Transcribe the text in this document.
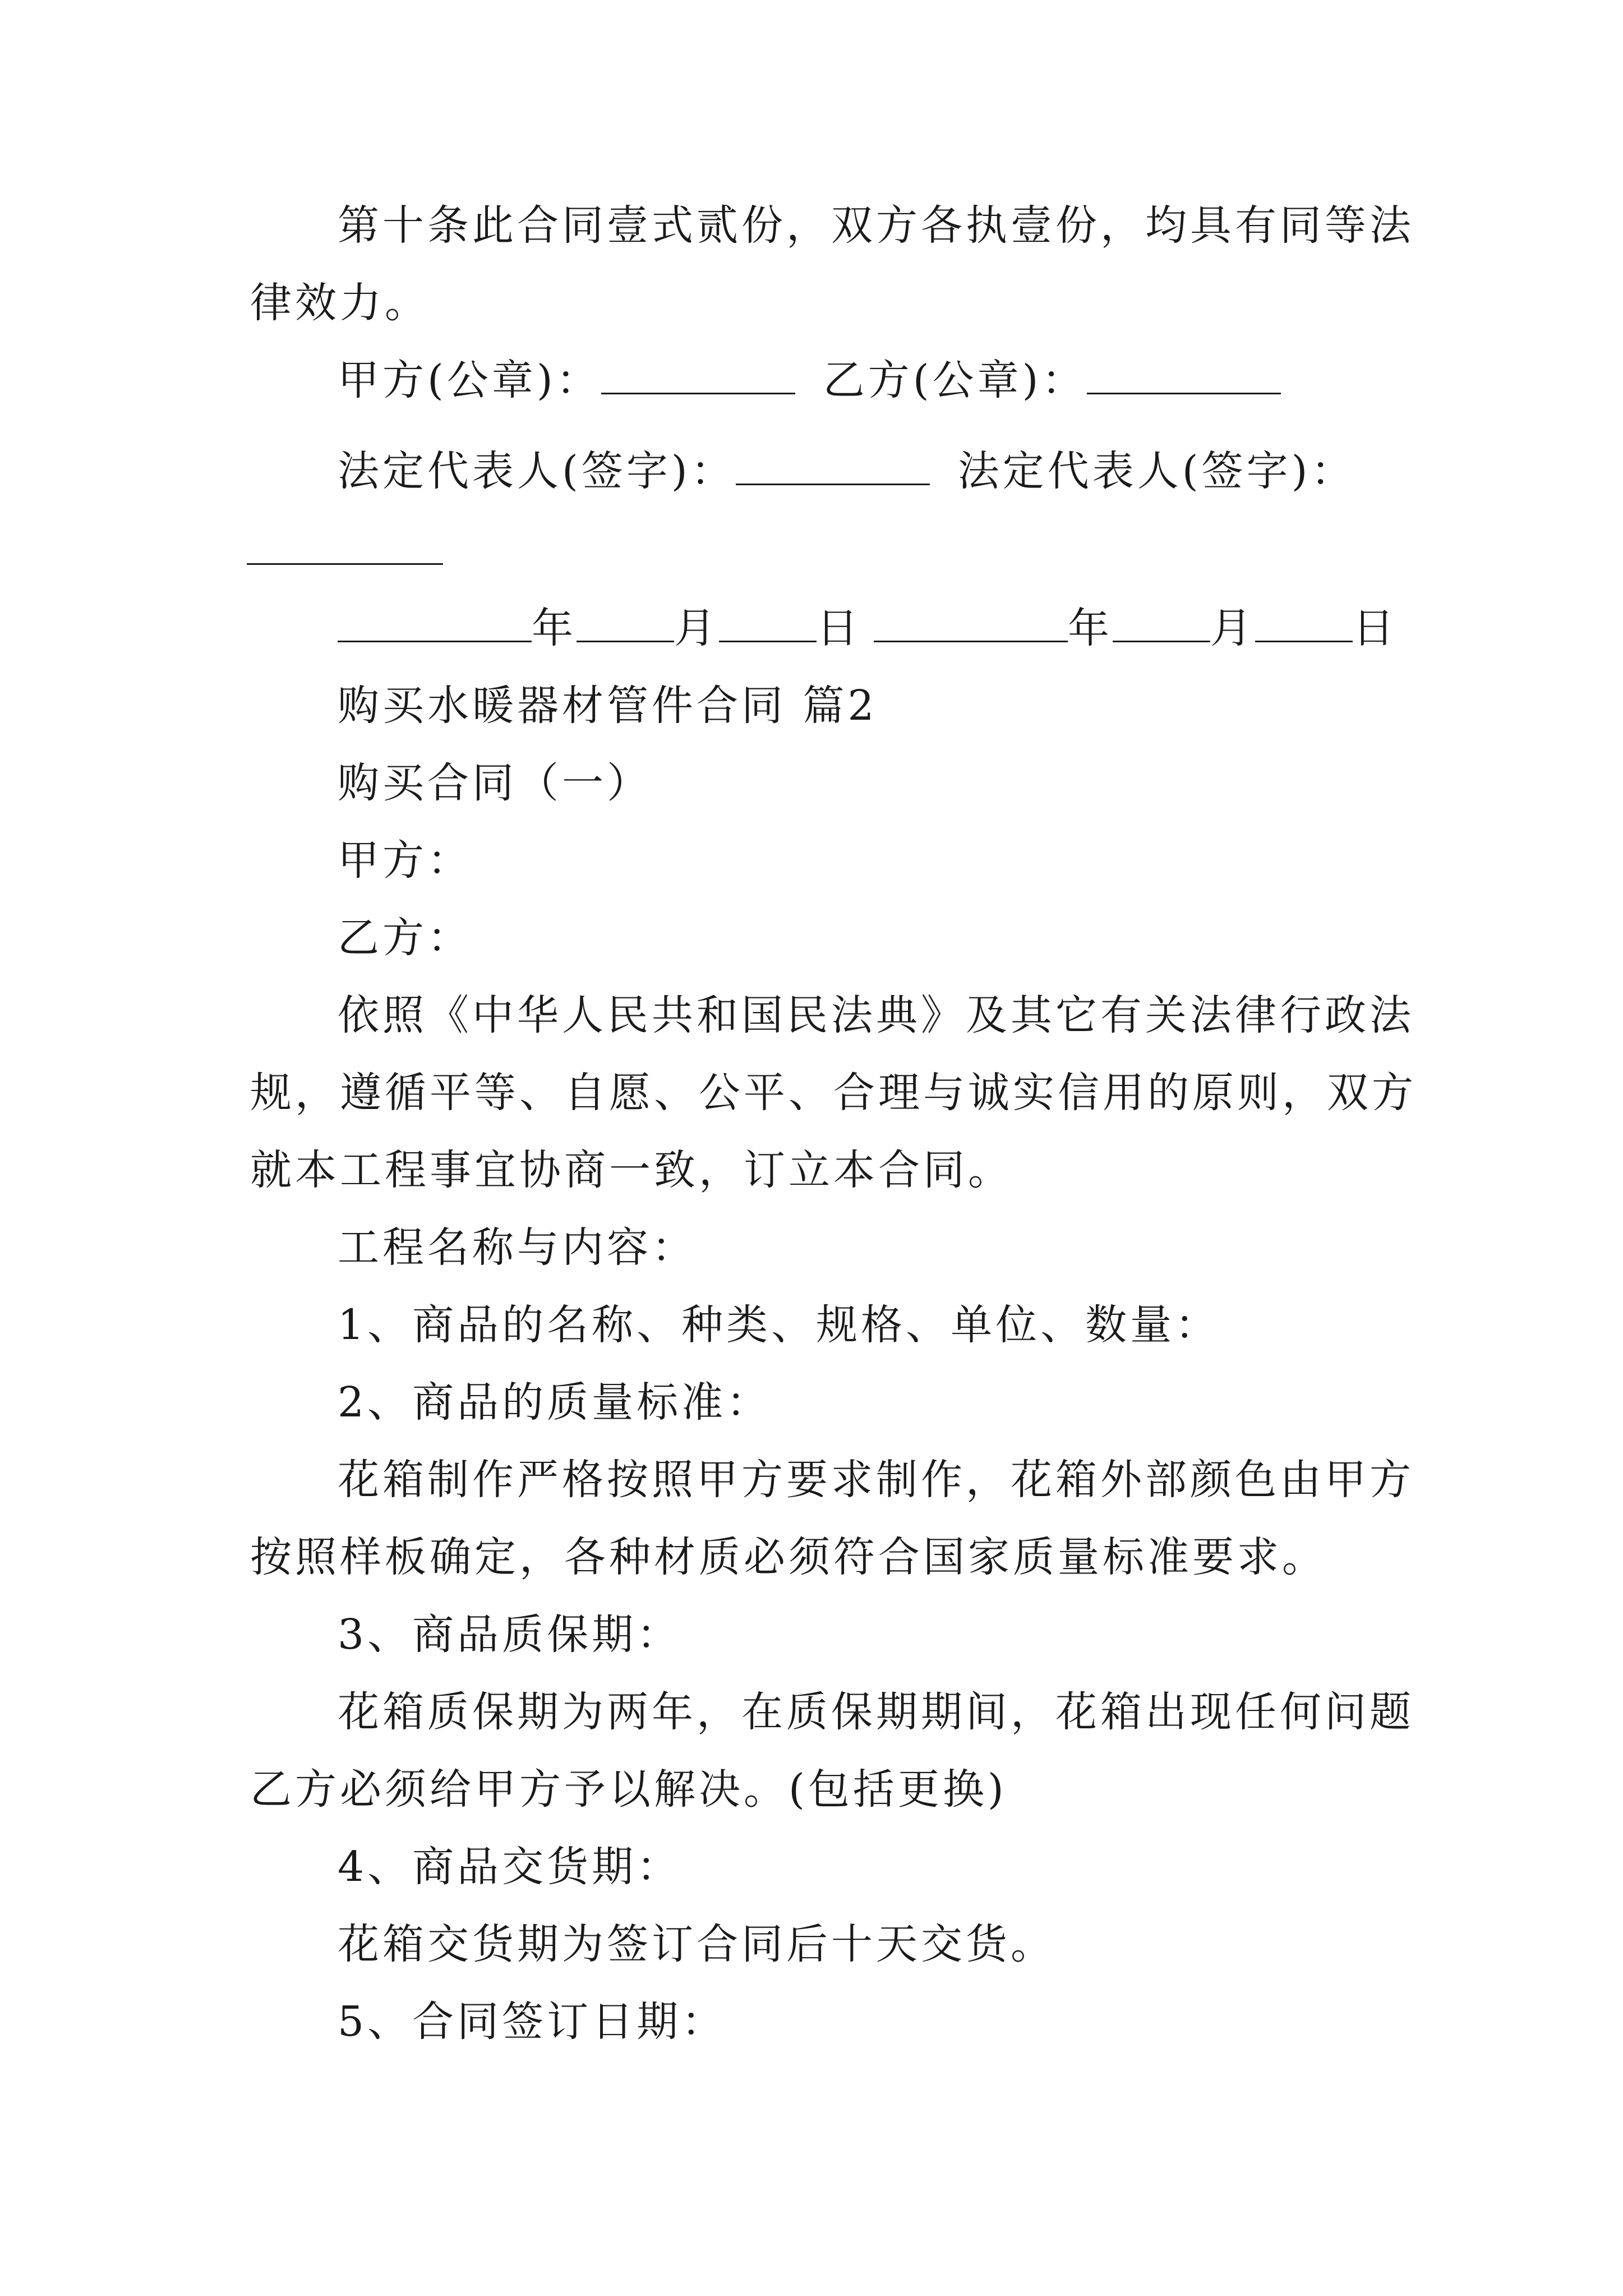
第十条此合同壹式贰份，双方各执壹份，均具有同等法
律效力。
甲方(公章)：	乙方(公章)：
法定代表人(签字)：	法定代表人(签字)：
年 月 日	年 月 日
购买水暖器材管件合同 篇2
购买合同（一）
甲方：
乙方：
依照《中华人民共和国民法典》及其它有关法律行政法
规，遵循平等、自愿、公平、合理与诚实信用的原则，双方
就本工程事宜协商一致，订立本合同。
工程名称与内容：
1、商品的名称、种类、规格、单位、数量：
2、商品的质量标准：
花箱制作严格按照甲方要求制作，花箱外部颜色由甲方
按照样板确定，各种材质必须符合国家质量标准要求。
3、商品质保期：
花箱质保期为两年，在质保期期间，花箱出现任何问题
乙方必须给甲方予以解决。(包括更换)
4、商品交货期：
花箱交货期为签订合同后十天交货。
5、合同签订日期：
